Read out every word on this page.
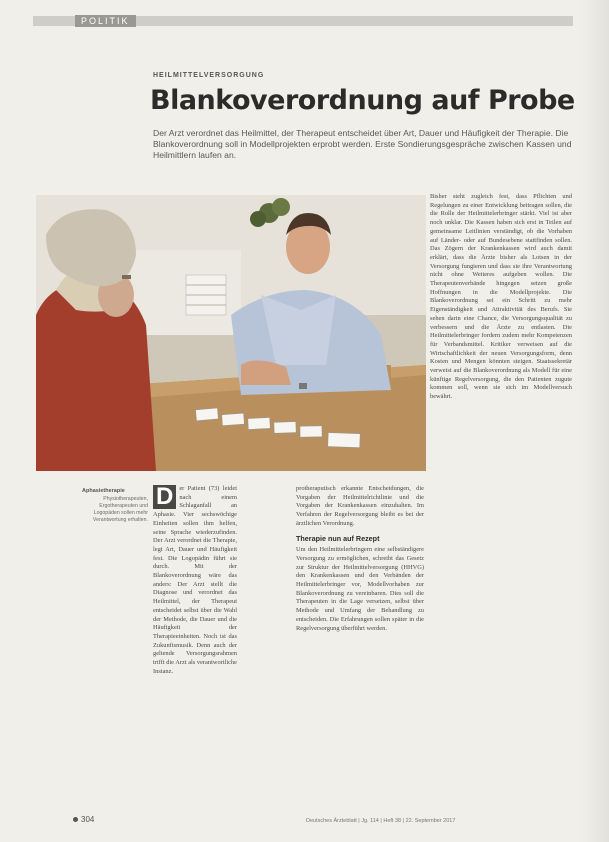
POLITIK
HEILMITTELVERSORGUNG
Blankoverordnung auf Probe
Der Arzt verordnet das Heilmittel, der Therapeut entscheidet über Art, Dauer und Häufigkeit der Therapie. Die Blankoverordnung soll in Modellprojekten erprobt werden. Erste Sondierungsgespräche zwischen Kassen und Heilmittlern laufen an.
Aphasietherapie
Physiotherapeuten, Ergotherapeuten und Logopäden sollen mehr Verantwortung erhalten.
D er Patient (73) leidet nach einem Schlaganfall an Aphasie. Vier sechswöchige Einheiten sollen ihm helfen, seine Sprache wiederzufinden. Der Arzt verordnet die Therapie, legt Art, Dauer und Häufigkeit fest. Die Logopädin führt sie durch. Mit der Blankoverordnung wäre das anders: Der Arzt stellt die Diagnose und verordnet das Heilmittel, der Therapeut entscheidet selbst über die Wahl der Methode, die Dauer und die Häufigkeit der Therapieeinheiten. Noch ist das Zukunftsmusik. Denn auch der geltende Versorgungsrahmen trifft die Arzt als verantwortliche Instanz.
protheraputisch erkannte Entscheidungen, die Vorgaben der Heilmittelrichtlinie und die Vorgaben der Krankenkassen einzuhalten. Im Verfahren der Regelversorgung bleibt es bei der ärztlichen Verordnung.
Therapie nun auf Rezept
Um den Heilmittelerbringern eine selbständigere Versorgung zu ermöglichen, schreibt das Gesetz zur Struktur der Heilmittelversorgung (HHVG) den Krankenkassen und den Verbänden der Heilmittelerbringer vor, Modellvorhaben zur Blankoverordnung zu vereinbaren. Dies soll die Therapeuten in die Lage versetzen, selbst über Methode und Umfang der Behandlung zu entscheiden. Die Erfahrungen sollen später in die Regelversorgung überführt werden.
Bisher steht zugleich fest, dass Pflichten und Regelungen zu einer Entwicklung beitragen sollen, die die Rolle der Heilmittelerbringer stärkt. Viel ist aber noch unklar. Die Kassen haben sich erst in Teilen auf gemeinsame Leitlinien verständigt, ob die Vorhaben auf Länder- oder auf Bundesebene stattfinden sollen. Das Zögern der Krankenkassen wird auch damit erklärt, dass die Ärzte bisher als Lotsen in der Versorgung fungieren und dass sie ihre Verantwortung nicht ohne Weiteres aufgeben wollen. Die Therapeutenverbände hingegen setzen große Hoffnungen in die Modellprojekte. Die Blankoverordnung sei ein Schritt zu mehr Eigenständigkeit und Attraktivität des Berufs. Sie sehen darin eine Chance, die Versorgungsqualität zu verbessern und die Ärzte zu entlasten. Die Heilmittelerbringer fordern zudem mehr Kompetenzen für Verbandsmittel. Kritiker verweisen auf die Wirtschaftlichkeit der neuen Versorgungsform, denn Kosten und Mengen könnten steigen. Staatssekretär verweist auf die Blankoverordnung als Modell für eine künftige Regelversorgung, die den Patienten zugute kommen soll, wenn sie sich im Modellversuch bewährt.
304	Deutsches Ärzteblatt | Jg. 114 | Heft 38 | 22. September 2017
